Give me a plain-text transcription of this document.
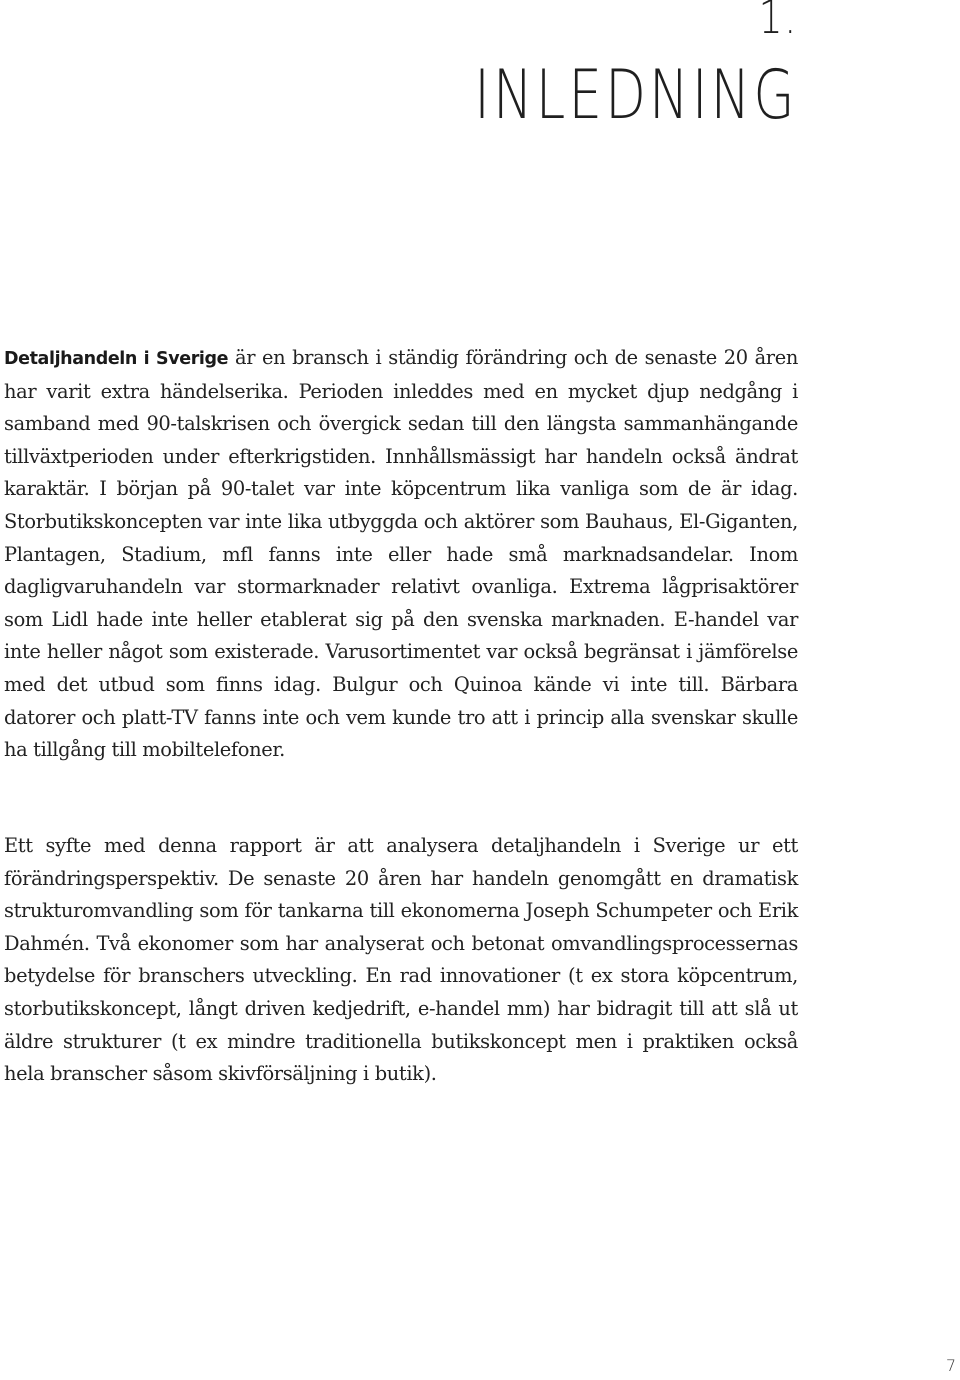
1.
INLEDNING

Detaljhandeln i Sverige är en bransch i ständig förändring och de senaste 20 åren har varit extra händelserika. Perioden inleddes med en mycket djup nedgång i samband med 90-talskrisen och övergick sedan till den längsta sammanhängande tillväxtperioden under efterkrigstiden. Innhållsmässigt har handeln också ändrat karaktär. I början på 90-talet var inte köpcentrum lika vanliga som de är idag. Storbutikskoncepten var inte lika utbyggda och aktörer som Bauhaus, El-Giganten, Plantagen, Stadium, mfl fanns inte eller hade små marknadsandelar. Inom dagligvaruhandeln var stormarknader relativt ovanliga. Extrema lågprisaktörer som Lidl hade inte heller etablerat sig på den svenska marknaden. E-handel var inte heller något som existerade. Varusortimentet var också begränsat i jämförelse med det utbud som finns idag. Bulgur och Quinoa kände vi inte till. Bärbara datorer och platt-TV fanns inte och vem kunde tro att i princip alla svenskar skulle ha tillgång till mobiltelefoner.

Ett syfte med denna rapport är att analysera detaljhandeln i Sverige ur ett förändringsperspektiv. De senaste 20 åren har handeln genomgått en dramatisk strukturomvandling som för tankarna till ekonomerna Joseph Schumpeter och Erik Dahmén. Två ekonomer som har analyserat och betonat omvandlingsprocessernas betydelse för branschers utveckling. En rad innovationer (t ex stora köpcentrum, storbutikskoncept, långt driven kedjedrift, e-handel mm) har bidragit till att slå ut äldre strukturer (t ex mindre traditionella butikskoncept men i praktiken också hela branscher såsom skivförsäljning i butik).

7
